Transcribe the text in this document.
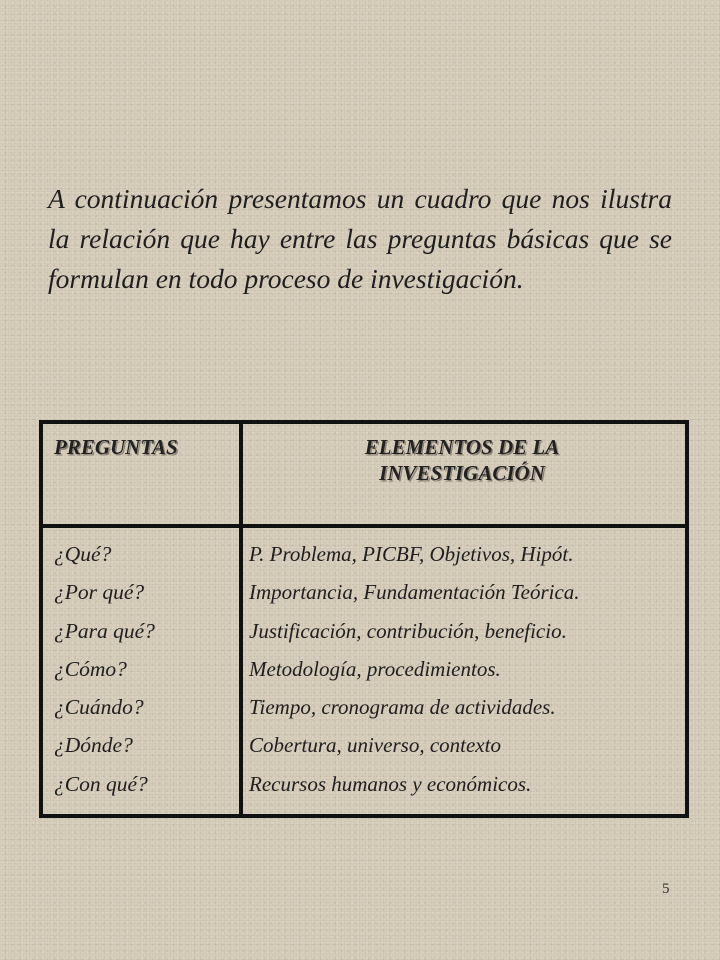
A continuación presentamos un cuadro que nos ilustra la relación que hay entre las preguntas básicas que se formulan en todo proceso de investigación.

PREGUNTAS	ELEMENTOS DE LA
INVESTIGACIÓN
¿Qué?
¿Por qué?
¿Para qué?
¿Cómo?
¿Cuándo?
¿Dónde?
¿Con qué?
P. Problema, PICBF, Objetivos, Hipót.
Importancia, Fundamentación Teórica.
Justificación, contribución, beneficio.
Metodología, procedimientos.
Tiempo, cronograma de actividades.
Cobertura, universo, contexto
Recursos humanos y económicos.
5
